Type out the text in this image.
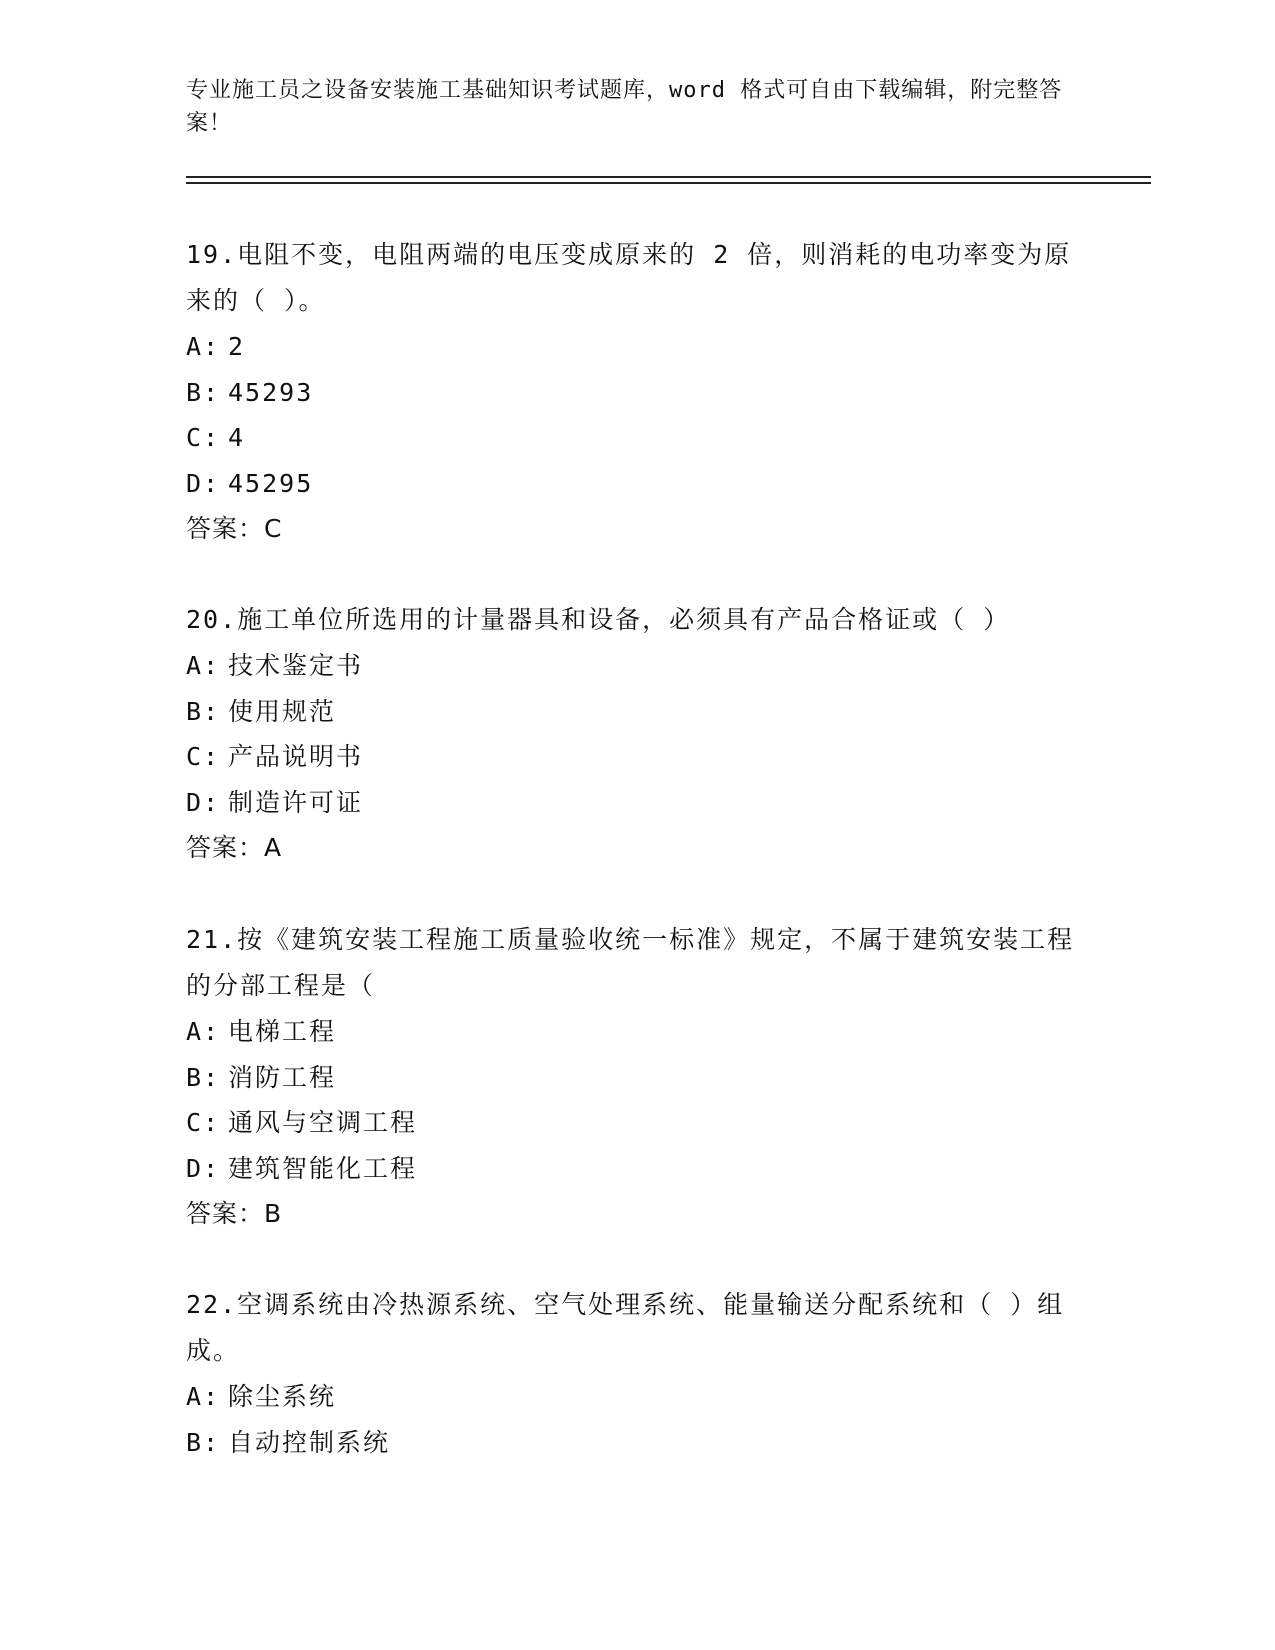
专业施工员之设备安装施工基础知识考试题库，word 格式可自由下载编辑，附完整答案！

19.电阻不变，电阻两端的电压变成原来的 2 倍，则消耗的电功率变为原来的（ ）。

A: 2
B: 45293
C: 4
D: 45295
答案：C

20.施工单位所选用的计量器具和设备，必须具有产品合格证或（ ）

A: 技术鉴定书
B: 使用规范
C: 产品说明书
D: 制造许可证
答案：A

21.按《建筑安装工程施工质量验收统一标准》规定，不属于建筑安装工程的分部工程是（

A: 电梯工程
B: 消防工程
C: 通风与空调工程
D: 建筑智能化工程
答案：B

22.空调系统由冷热源系统、空气处理系统、能量输送分配系统和（ ）组成。

A: 除尘系统
B: 自动控制系统
